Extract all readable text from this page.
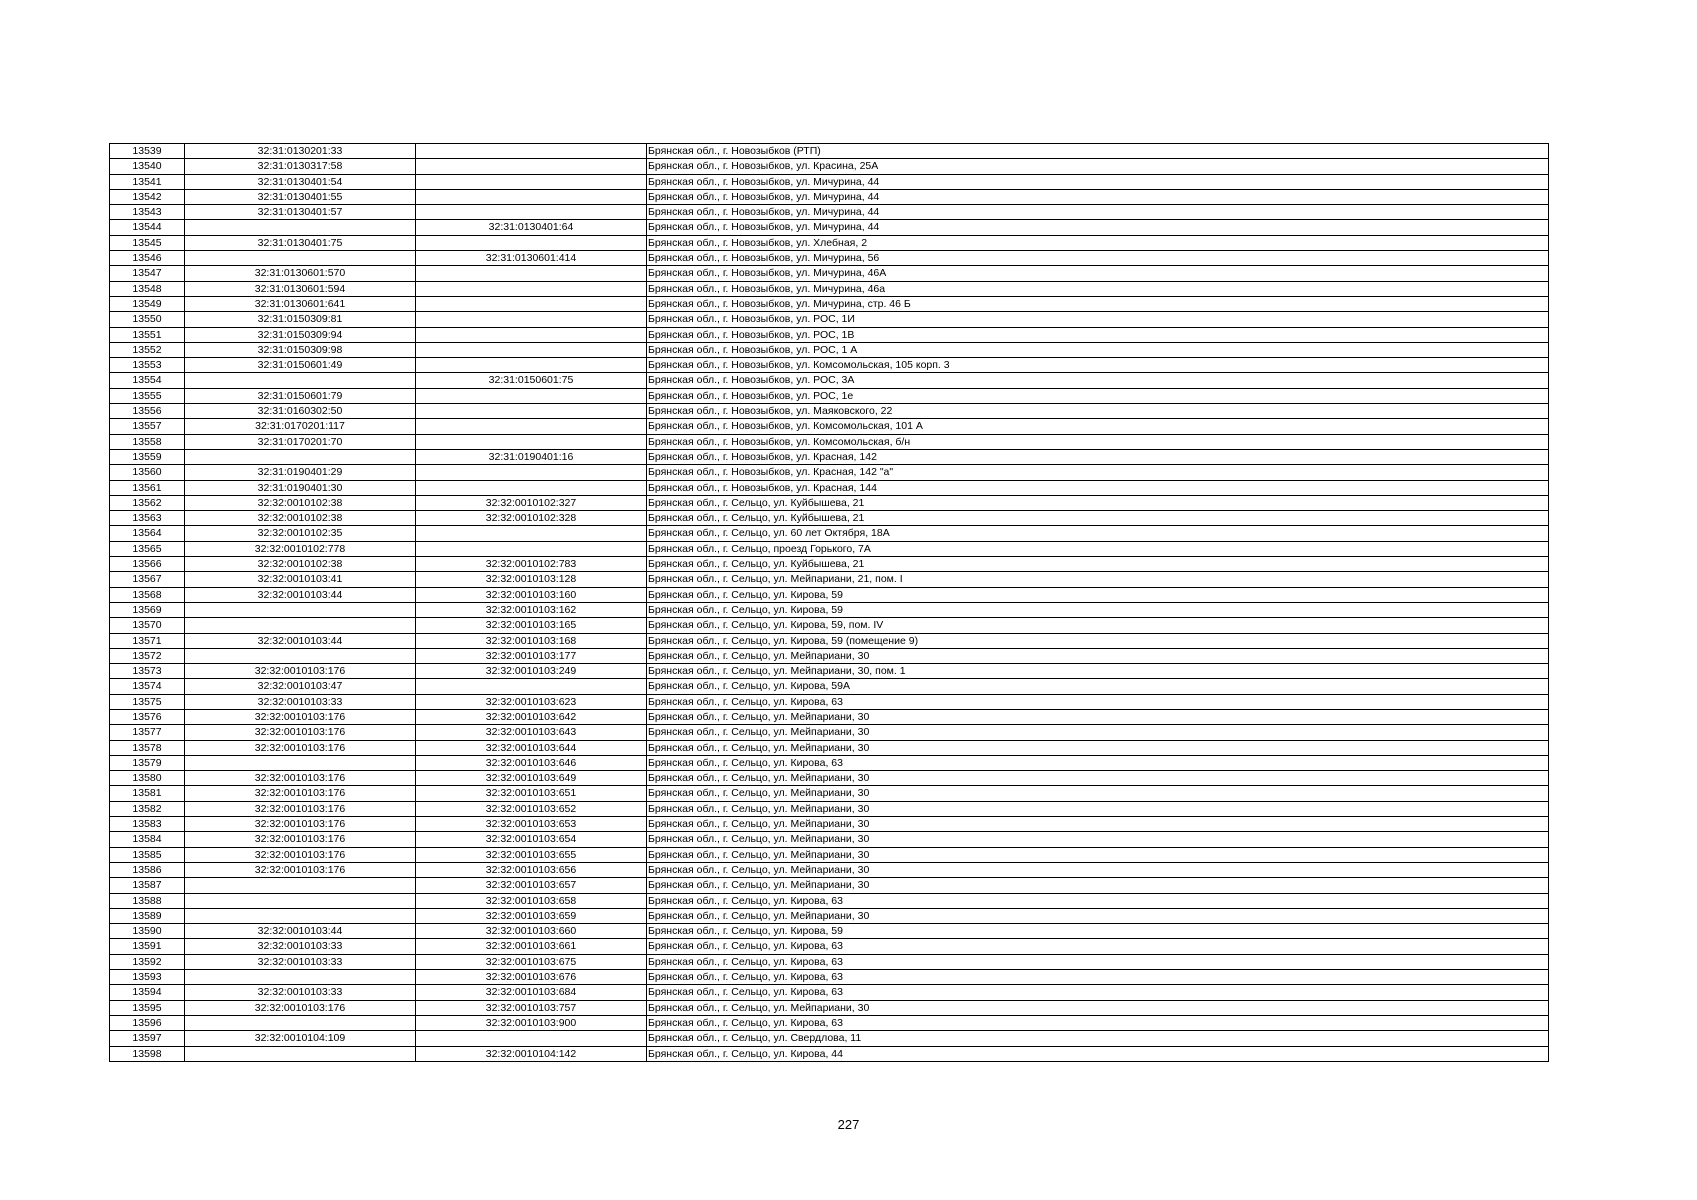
13539	32:31:0130201:33		Брянская обл., г. Новозыбков (РТП)
13540	32:31:0130317:58		Брянская обл., г. Новозыбков, ул. Красина, 25А
13541	32:31:0130401:54		Брянская обл., г. Новозыбков, ул. Мичурина, 44
13542	32:31:0130401:55		Брянская обл., г. Новозыбков, ул. Мичурина, 44
13543	32:31:0130401:57		Брянская обл., г. Новозыбков, ул. Мичурина, 44
13544		32:31:0130401:64	Брянская обл., г. Новозыбков, ул. Мичурина, 44
13545	32:31:0130401:75		Брянская обл., г. Новозыбков, ул. Хлебная, 2
13546		32:31:0130601:414	Брянская обл., г. Новозыбков, ул. Мичурина, 56
13547	32:31:0130601:570		Брянская обл., г. Новозыбков, ул. Мичурина, 46А
13548	32:31:0130601:594		Брянская обл., г. Новозыбков, ул. Мичурина, 46а
13549	32:31:0130601:641		Брянская обл., г. Новозыбков, ул. Мичурина, стр. 46 Б
13550	32:31:0150309:81		Брянская обл., г. Новозыбков, ул. РОС, 1И
13551	32:31:0150309:94		Брянская обл., г. Новозыбков, ул. РОС, 1В
13552	32:31:0150309:98		Брянская обл., г. Новозыбков, ул. РОС, 1 А
13553	32:31:0150601:49		Брянская обл., г. Новозыбков, ул. Комсомольская, 105 корп. 3
13554		32:31:0150601:75	Брянская обл., г. Новозыбков, ул. РОС, 3А
13555	32:31:0150601:79		Брянская обл., г. Новозыбков, ул. РОС, 1е
13556	32:31:0160302:50		Брянская обл., г. Новозыбков, ул. Маяковского, 22
13557	32:31:0170201:117		Брянская обл., г. Новозыбков, ул. Комсомольская, 101 А
13558	32:31:0170201:70		Брянская обл., г. Новозыбков, ул. Комсомольская, б/н
13559		32:31:0190401:16	Брянская обл., г. Новозыбков, ул. Красная, 142
13560	32:31:0190401:29		Брянская обл., г. Новозыбков, ул. Красная, 142 "а"
13561	32:31:0190401:30		Брянская обл., г. Новозыбков, ул. Красная, 144
13562	32:32:0010102:38	32:32:0010102:327	Брянская обл., г. Сельцо, ул. Куйбышева, 21
13563	32:32:0010102:38	32:32:0010102:328	Брянская обл., г. Сельцо, ул. Куйбышева, 21
13564	32:32:0010102:35		Брянская обл., г. Сельцо, ул. 60 лет Октября, 18А
13565	32:32:0010102:778		Брянская обл., г. Сельцо, проезд Горького, 7А
13566	32:32:0010102:38	32:32:0010102:783	Брянская обл., г. Сельцо, ул. Куйбышева, 21
13567	32:32:0010103:41	32:32:0010103:128	Брянская обл., г. Сельцо, ул. Мейпариани, 21, пом. I
13568	32:32:0010103:44	32:32:0010103:160	Брянская обл., г. Сельцо, ул. Кирова, 59
13569		32:32:0010103:162	Брянская обл., г. Сельцо, ул. Кирова, 59
13570		32:32:0010103:165	Брянская обл., г. Сельцо, ул. Кирова, 59, пом. IV
13571	32:32:0010103:44	32:32:0010103:168	Брянская обл., г. Сельцо, ул. Кирова, 59 (помещение 9)
13572		32:32:0010103:177	Брянская обл., г. Сельцо, ул. Мейпариани, 30
13573	32:32:0010103:176	32:32:0010103:249	Брянская обл., г. Сельцо, ул. Мейпариани, 30, пом. 1
13574	32:32:0010103:47		Брянская обл., г. Сельцо, ул. Кирова, 59А
13575	32:32:0010103:33	32:32:0010103:623	Брянская обл., г. Сельцо, ул. Кирова, 63
13576	32:32:0010103:176	32:32:0010103:642	Брянская обл., г. Сельцо, ул. Мейпариани, 30
13577	32:32:0010103:176	32:32:0010103:643	Брянская обл., г. Сельцо, ул. Мейпариани, 30
13578	32:32:0010103:176	32:32:0010103:644	Брянская обл., г. Сельцо, ул. Мейпариани, 30
13579		32:32:0010103:646	Брянская обл., г. Сельцо, ул. Кирова, 63
13580	32:32:0010103:176	32:32:0010103:649	Брянская обл., г. Сельцо, ул. Мейпариани, 30
13581	32:32:0010103:176	32:32:0010103:651	Брянская обл., г. Сельцо, ул. Мейпариани, 30
13582	32:32:0010103:176	32:32:0010103:652	Брянская обл., г. Сельцо, ул. Мейпариани, 30
13583	32:32:0010103:176	32:32:0010103:653	Брянская обл., г. Сельцо, ул. Мейпариани, 30
13584	32:32:0010103:176	32:32:0010103:654	Брянская обл., г. Сельцо, ул. Мейпариани, 30
13585	32:32:0010103:176	32:32:0010103:655	Брянская обл., г. Сельцо, ул. Мейпариани, 30
13586	32:32:0010103:176	32:32:0010103:656	Брянская обл., г. Сельцо, ул. Мейпариани, 30
13587		32:32:0010103:657	Брянская обл., г. Сельцо, ул. Мейпариани, 30
13588		32:32:0010103:658	Брянская обл., г. Сельцо, ул. Кирова, 63
13589		32:32:0010103:659	Брянская обл., г. Сельцо, ул. Мейпариани, 30
13590	32:32:0010103:44	32:32:0010103:660	Брянская обл., г. Сельцо, ул. Кирова, 59
13591	32:32:0010103:33	32:32:0010103:661	Брянская обл., г. Сельцо, ул. Кирова, 63
13592	32:32:0010103:33	32:32:0010103:675	Брянская обл., г. Сельцо, ул. Кирова, 63
13593		32:32:0010103:676	Брянская обл., г. Сельцо, ул. Кирова, 63
13594	32:32:0010103:33	32:32:0010103:684	Брянская обл., г. Сельцо, ул. Кирова, 63
13595	32:32:0010103:176	32:32:0010103:757	Брянская обл., г. Сельцо, ул. Мейпариани, 30
13596		32:32:0010103:900	Брянская обл., г. Сельцо, ул. Кирова, 63
13597	32:32:0010104:109		Брянская обл., г. Сельцо, ул. Свердлова, 11
13598		32:32:0010104:142	Брянская обл., г. Сельцо, ул. Кирова, 44
227
